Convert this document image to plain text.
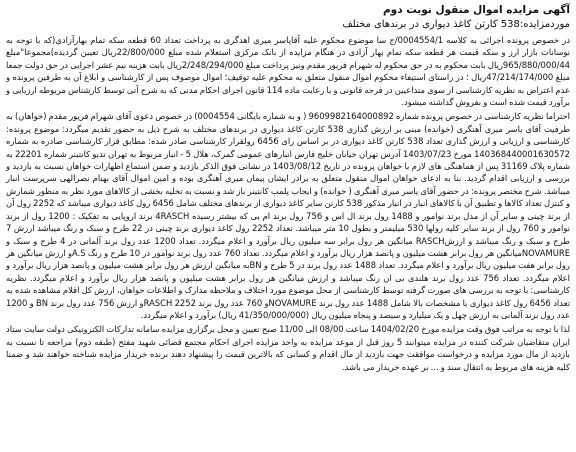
آگهی مزایده اموال منقول نوبت دوم
موردمزایده:538 کارتن کاغذ دیواری در برندهای مختلف

در خصوص پرونده اجرائی به کلاسه 0004554/1/ج سا موضوع محکوم علیه آقاپاسر میری اهدگری به پرداخت تعداد 60 قطعه سکه تمام بهارآزادی(که با توجه به نوسانات بازار ارز و سکه قیمت هر قطعه سکه تمام بهار آزادی در هنگام مزایده از بانک مرکزی استعلام شده مبلغ 22/800/000ریال تعیین گردیده)مجموعا"مبلغ 965/880/000/44ریال بابت محکوم به در حق محکوم له شهرام فریور مقدم ونیز پرداخت مبلغ 2/248/294/000ریال بابت هزینه نیم عشر اجرایی در حق دولت جمعا مبلغ 47/214/174/000ریال ؛ در راستای استیفاء محکوم اموال منقول متعلق به محکوم علیه توقیف؛ اموال موصوف پس از کارشناسی و ابلاغ آن به طرفین پرونده و عدم اعتراض به نظریه کارشناسی از سوی متداعیین در فرجه قانونی و با رعایت ماده 114 قانون اجرای احکام مدنی که به شرح آتی توسط کارشناس مربوطه ارزیابی و برآورد قیمت شده است و بفروش گذاشته میشود.

احتراما نظریه کارشناسی در خصوص پرونده شماره 9609982164000892 ( و به شماره بایگانی 0004554) در خصوص دعوی آقای شهرام فریور مقدم (خواهان) به طرفیت آقای یاسر میری آهنگری (خوانده) مبنی بر ارزش گذاری 538 کارتن کاغذ دیواری در برندهای مختلف به شرح ذیل به حضور تقدیم میگردد: موضوع پرونده: کارشناسی و ارزیابی و ارزش گذاری تعداد 538 کارتن کاغذ دیواری در بر اساس رای 6456 رولقرار کارشناسی صادر شده: مطابق قرار کارشناسی صادره به شماره 140368440001630572 مورخ 1403/07/23 آدرس تهران خیابان خلیج فارس انبارهای عمومی گمرک، هلال 5 - انبار مربوط به تهران تدیو کانتینر شماره 22201 به شماره پلاک 31169 پس از هماهنگی های لازم با خواهان پرونده در تاریخ 1403/08/12 در نشانی فوق الذکر بازدید و ضمن استماع اظهارات خواهان نسبت به بازدید و بررسی و ارزیابی اقدام گردید. بنا به ادعای خواهان اموال منقول متعلق به برادر ایشان پیمان میری آهنگری بوده و امین اموال آقای بهنام نصرالهی سرپرست انبار میباشد. شرح مختصر پرونده: در حضور آقای یاسر میری آهنگری ( خوانده) و ایجاب پلمب کانتینر باز شد و نسبت به تخلیه بخشی از کالاهای مورد نظر به منظور شمارش و کنترل تعداد کالاها و تطبیق آن با کالاهای انبار در انبار مذکور 538 کارتن سایر کاغذ دیواری از برندهای مختلف شامل 6456 رول کاغذ دیواری میباشد که 2252 رول آن از برند چینی و سایر آن از مدل برند نوامور و 1488 رول برند ال اس و 756 رول برند ام بی که بیشتر رسیده 4RASCH برند اروپایی به تفکیک : 1200 رول از برند نوامور و 760 رول از برند سایر کلیه رولها 530 میلیمتر و بطول 10 متر میباشد. تعداد 2252 رول کاغذ دیواری برند چینی در 22 طرح و سبک و رنگ میباشد ارزش 7 طرح و سبک و رنگ میباشد و ارزشRASCH میانگین هر رول برابر سه میلیون ریال برآورد و اعلام میگردد. تعداد 1200 عدد رول برند آلمانی در 4 طرح و سبک و NOVAMUREمیانگین هر رول برابر هشت میلیون و پانصد هزار ریال برآورد و اعلام میگردد. تعداد 760 عدد رول برند نوامور در 10 طرح و رنگ A.Sو ارزش میانگین هر رول برابر هفت میلیون ریال برآورد و اعلام میگردد. تعداد 1488 عدد رول برند در 5 طرح و BNبه میانگین ارزش هر رول برابر هشت میلیون و پانصد هزار ریال برآورد و اعلام میگردد. تعداد 756 عدد رول برند هلندی بی ان رنگ میباشد و ارزش میانگین هر رول برابر هشت میلیون و پانصد هزار ریال برآورد و اعلام میگردد. نظریه کارشناسی: با توجه به بررسی های صورت گرفته توسط کارشناسی از محل موضوع مورد اختلاف و ملاحظه مدارک و اطلاعات خواهان، ارزش کل اقلام مشاهده شده به تعداد 6456 رول کاغذ دیواری با مشخصات بالا شامل 1488 عدد رول برند NOVAMUREو 760 عدد رول برند RASCH 2252و ارزش 756 عدد رول برند BN و 1200 عدد رول برند آلمانی به ارزش چهل و یک میلیارد و سیصد و پنجاه میلیون ریال (41/350/000/000 ریال) برآورد و اعلام میگردد.

لذا با توجه به مراتب فوق وقت مزایده مورخ 1404/02/20 ساعت 08/00 الی 11/00 صبح تعیین و محل برگزاری مزایده سامانه تدارکات الکترونیکی دولت سایت ستاد ایران متقاضیان شرکت کننده در مزایده میتوانند 5 روز قبل از موعد مزایده به واحد مزایده اجرای احکام مجتمع قضائی شهید مفتح (طبقه دوم) مراجعه تا نسبت به بازدید از مال مورد مزایده و درخواست موافقت جهت بازدید از مال اقدام و کسانی که بالاترین قیمت را پیشنهاد دهند برنده خریدار مزایده شناخته خواهند شد و ضمنا کلیه هزینه های مربوط به انتقال سند و ... بر عهده خریدار می باشد.
